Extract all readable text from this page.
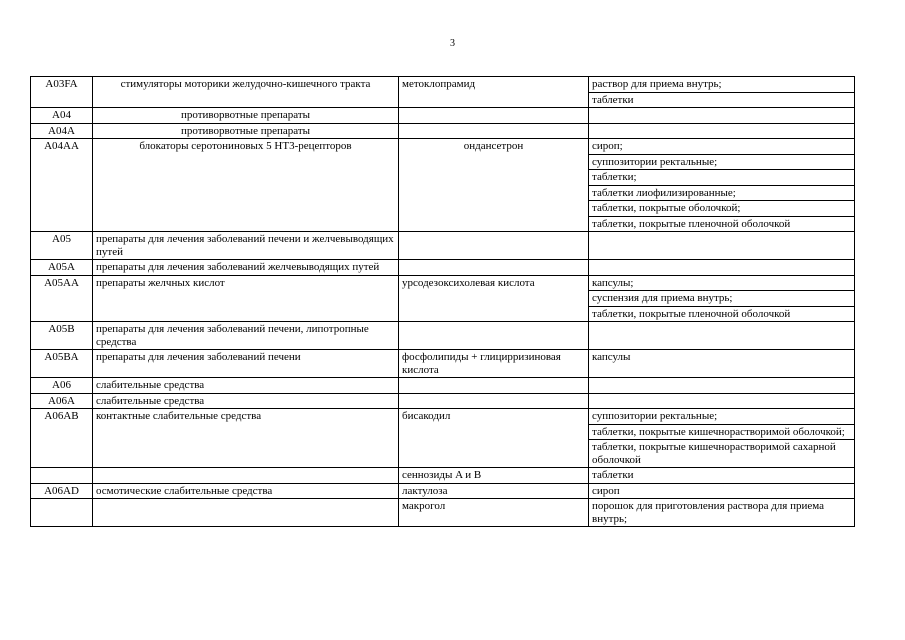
3
A03FA	стимуляторы моторики желудочно-кишечного тракта	метоклопрамид	раствор для приема внутрь;
			таблетки
A04	противорвотные препараты		
A04A	противорвотные препараты		
A04AA	блокаторы серотониновых 5 HT3-рецепторов	ондансетрон	сироп;
			суппозитории ректальные;
			таблетки;
			таблетки лиофилизированные;
			таблетки, покрытые оболочкой;
			таблетки, покрытые пленочной оболочкой
A05	препараты для лечения заболеваний печени и желчевыводящих путей		
A05A	препараты для лечения заболеваний желчевыводящих путей		
A05AA	препараты желчных кислот	урсодезоксихолевая кислота	капсулы;
			суспензия для приема внутрь;
			таблетки, покрытые пленочной оболочкой
A05B	препараты для лечения заболеваний печени, липотропные средства		
A05BA	препараты для лечения заболеваний печени	фосфолипиды + глицирризиновая кислота	капсулы
A06	слабительные средства		
A06A	слабительные средства		
A06AB	контактные слабительные средства	бисакодил	суппозитории ректальные;
			таблетки, покрытые кишечнорастворимой оболочкой;
			таблетки, покрытые кишечнорастворимой сахарной оболочкой
		сеннозиды A и B	таблетки
A06AD	осмотические слабительные средства	лактулоза	сироп
		макрогол	порошок для приготовления раствора для приема внутрь;
